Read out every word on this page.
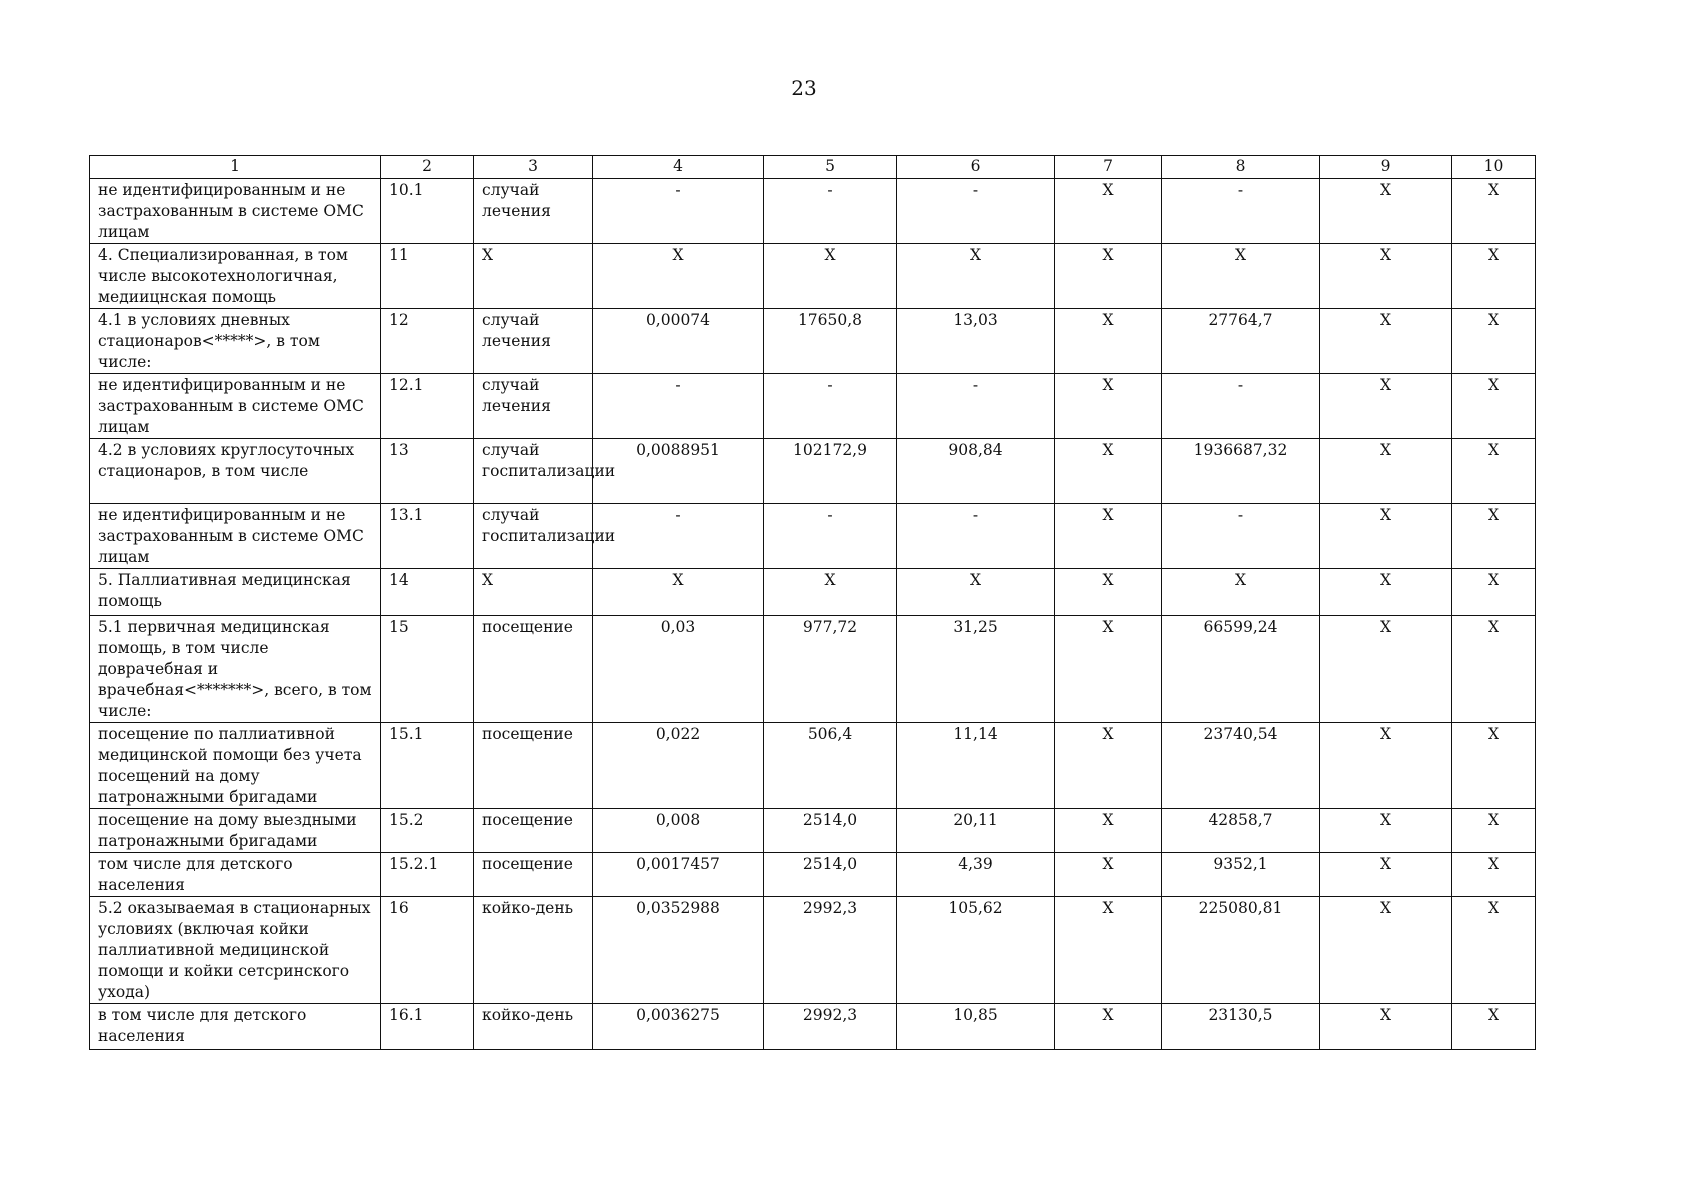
23
1	2	3	4	5	6	7	8	9	10
не идентифицированным и не застрахованным в системе ОМС лицам	10.1	случай лечения	-	-	-	X	-	X	X
4. Специализированная, в том числе высокотехнологичная, медиицнская помощь	11	X	X	X	X	X	X	X	X
4.1 в условиях дневных стационаров<*****>, в том числе:	12	случай лечения	0,00074	17650,8	13,03	X	27764,7	X	X
не идентифицированным и не застрахованным в системе ОМС лицам	12.1	случай лечения	-	-	-	X	-	X	X
4.2 в условиях круглосуточных стационаров, в том числе	13	случай госпитализации	0,0088951	102172,9	908,84	X	1936687,32	X	X
не идентифицированным и не застрахованным в системе ОМС лицам	13.1	случай госпитализации	-	-	-	X	-	X	X
5. Паллиативная медицинская помощь	14	X	X	X	X	X	X	X	X
5.1 первичная медицинская помощь, в том числе доврачебная и врачебная<*******>, всего, в том числе:	15	посещение	0,03	977,72	31,25	X	66599,24	X	X
посещение по паллиативной медицинской помощи без учета посещений на дому патронажными бригадами	15.1	посещение	0,022	506,4	11,14	X	23740,54	X	X
посещение на дому выездными патронажными бригадами	15.2	посещение	0,008	2514,0	20,11	X	42858,7	X	X
том числе для детского населения	15.2.1	посещение	0,0017457	2514,0	4,39	X	9352,1	X	X
5.2 оказываемая в стационарных условиях (включая койки паллиативной медицинской помощи и койки сетсринского ухода)	16	койко-день	0,0352988	2992,3	105,62	X	225080,81	X	X
в том числе для детского населения	16.1	койко-день	0,0036275	2992,3	10,85	X	23130,5	X	X
